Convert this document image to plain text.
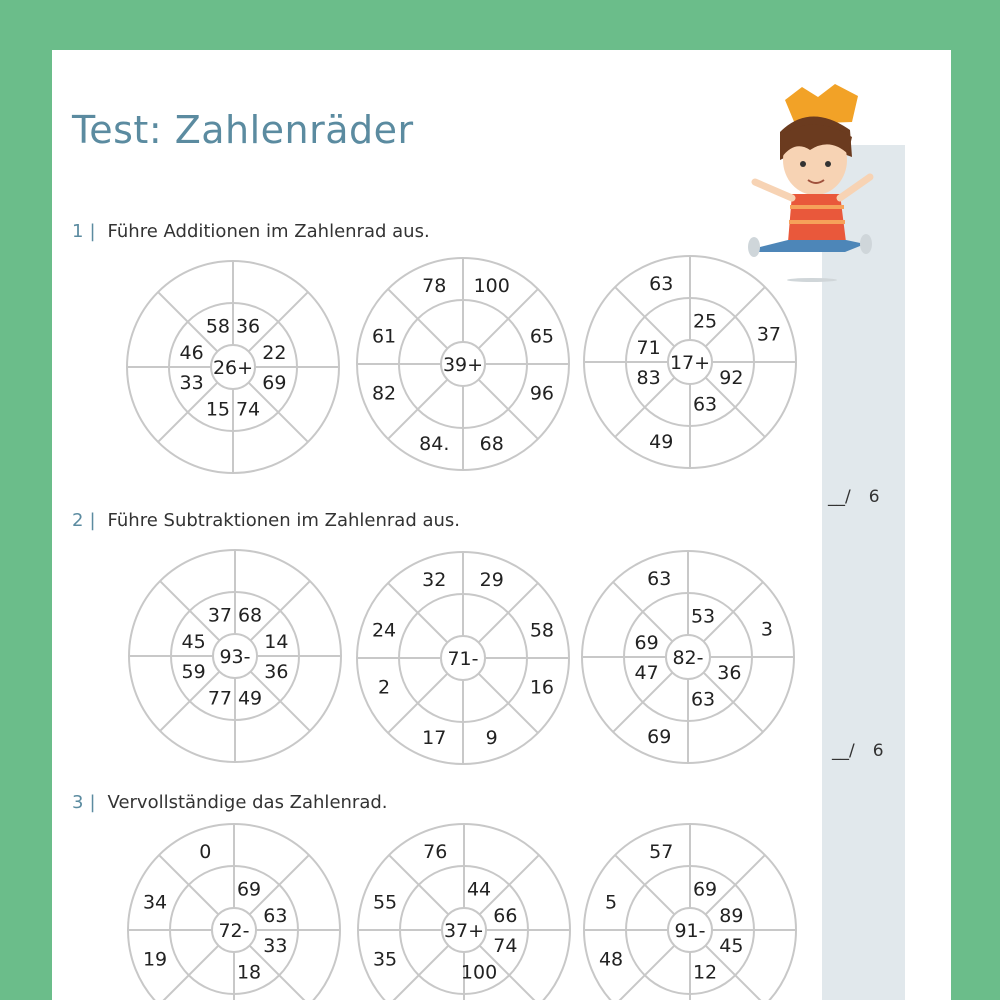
Test: Zahlenräder
1 | Führe Additionen im Zahlenrad aus.
2 | Führe Subtraktionen im Zahlenrad aus.
3 | Vervollständige das Zahlenrad.
__/ 6
__/ 6
26+
58 36
46	22
33	69
15 74
39+
78 100
61	65
82	96
84. 68
17+
63
25
71
37
83	92
49
63
93-
37 68
45	14
59	36
77 49
71-
32 29
24	58
2	16
17 9
82-
63
53
69
3
47	36
69
63
72-
0
69
34
63
19
33
18
37+
76
44
55
66
35
74
100
91-
57
69
5
89
48
45
12
